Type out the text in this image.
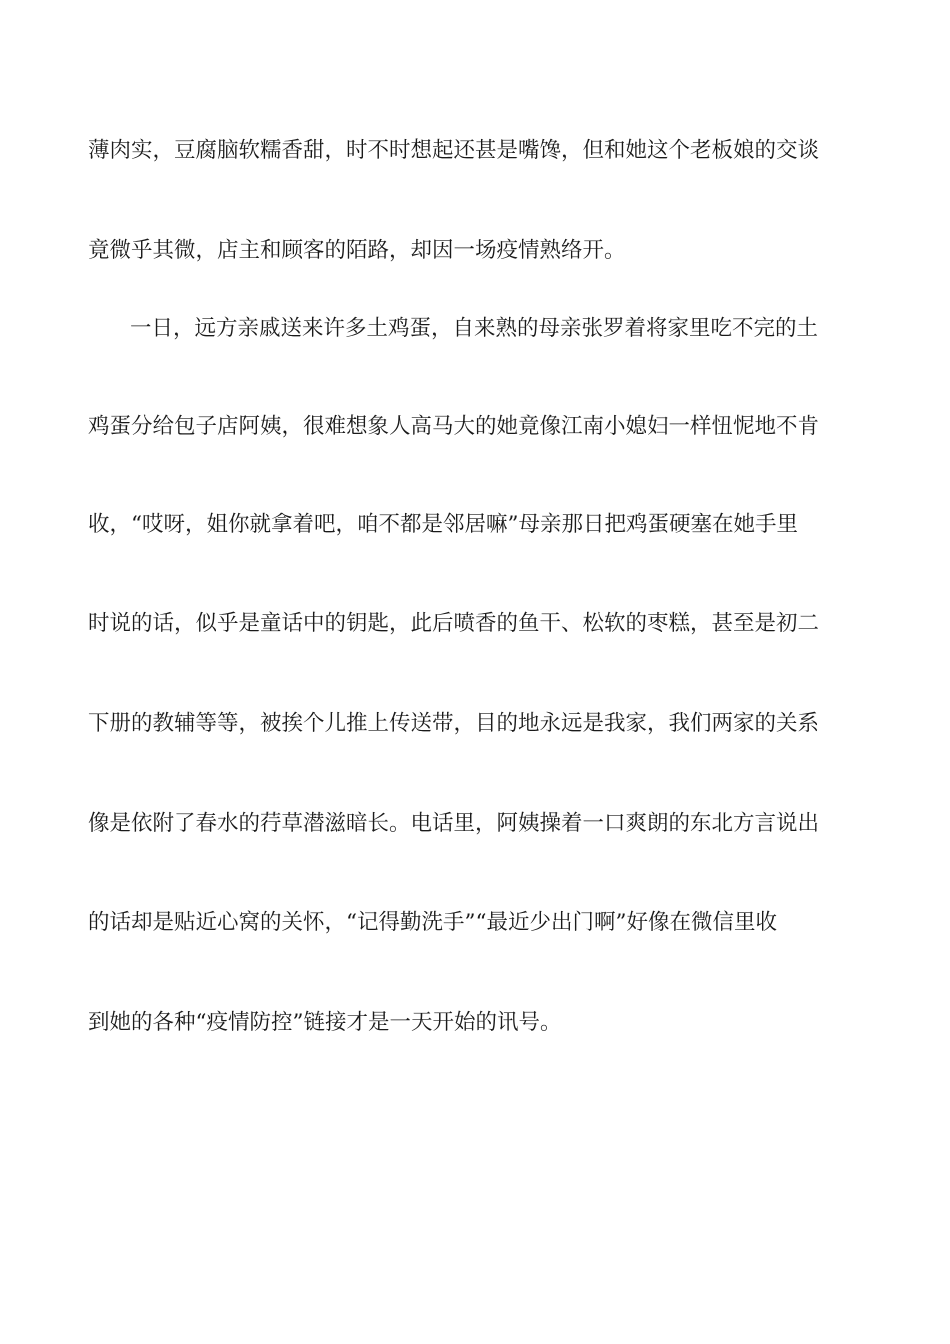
薄肉实，豆腐脑软糯香甜，时不时想起还甚是嘴馋，但和她这个老板娘的交谈
竟微乎其微，店主和顾客的陌路，却因一场疫情熟络开。
一日，远方亲戚送来许多土鸡蛋，自来熟的母亲张罗着将家里吃不完的土
鸡蛋分给包子店阿姨，很难想象人高马大的她竟像江南小媳妇一样忸怩地不肯
收，“哎呀，姐你就拿着吧，咱不都是邻居嘛”母亲那日把鸡蛋硬塞在她手里
时说的话，似乎是童话中的钥匙，此后喷香的鱼干、松软的枣糕，甚至是初二
下册的教辅等等，被挨个儿推上传送带，目的地永远是我家，我们两家的关系
像是依附了春水的荇草潜滋暗长。电话里，阿姨操着一口爽朗的东北方言说出
的话却是贴近心窝的关怀，“记得勤洗手”“最近少出门啊”好像在微信里收
到她的各种“疫情防控”链接才是一天开始的讯号。
